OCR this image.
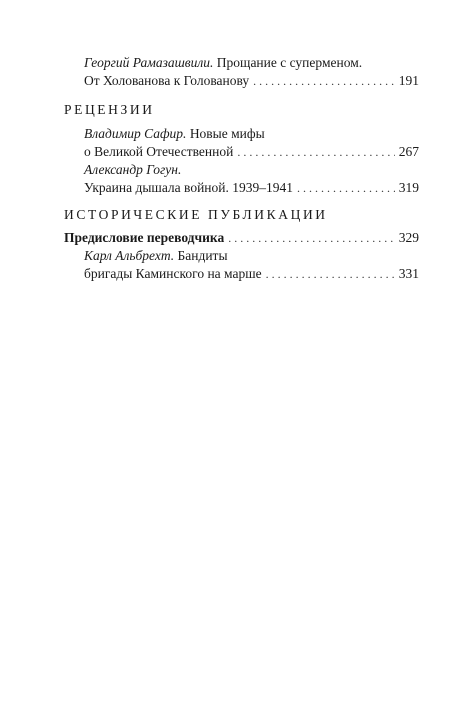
Георгий Рамазашвили. Прощание с суперменом.
От Холованова к Голованову . . .	191
РЕЦЕНЗИИ
Владимир Сафир. Новые мифы
о Великой Отечественной . . .	267
Александр Гогун.
Украина дышала войной. 1939–1941 . . .	319
ИСТОРИЧЕСКИЕ ПУБЛИКАЦИИ
Предисловие переводчика . . .	329
Карл Альбрехт. Бандиты
бригады Каминского на марше . . .	331
